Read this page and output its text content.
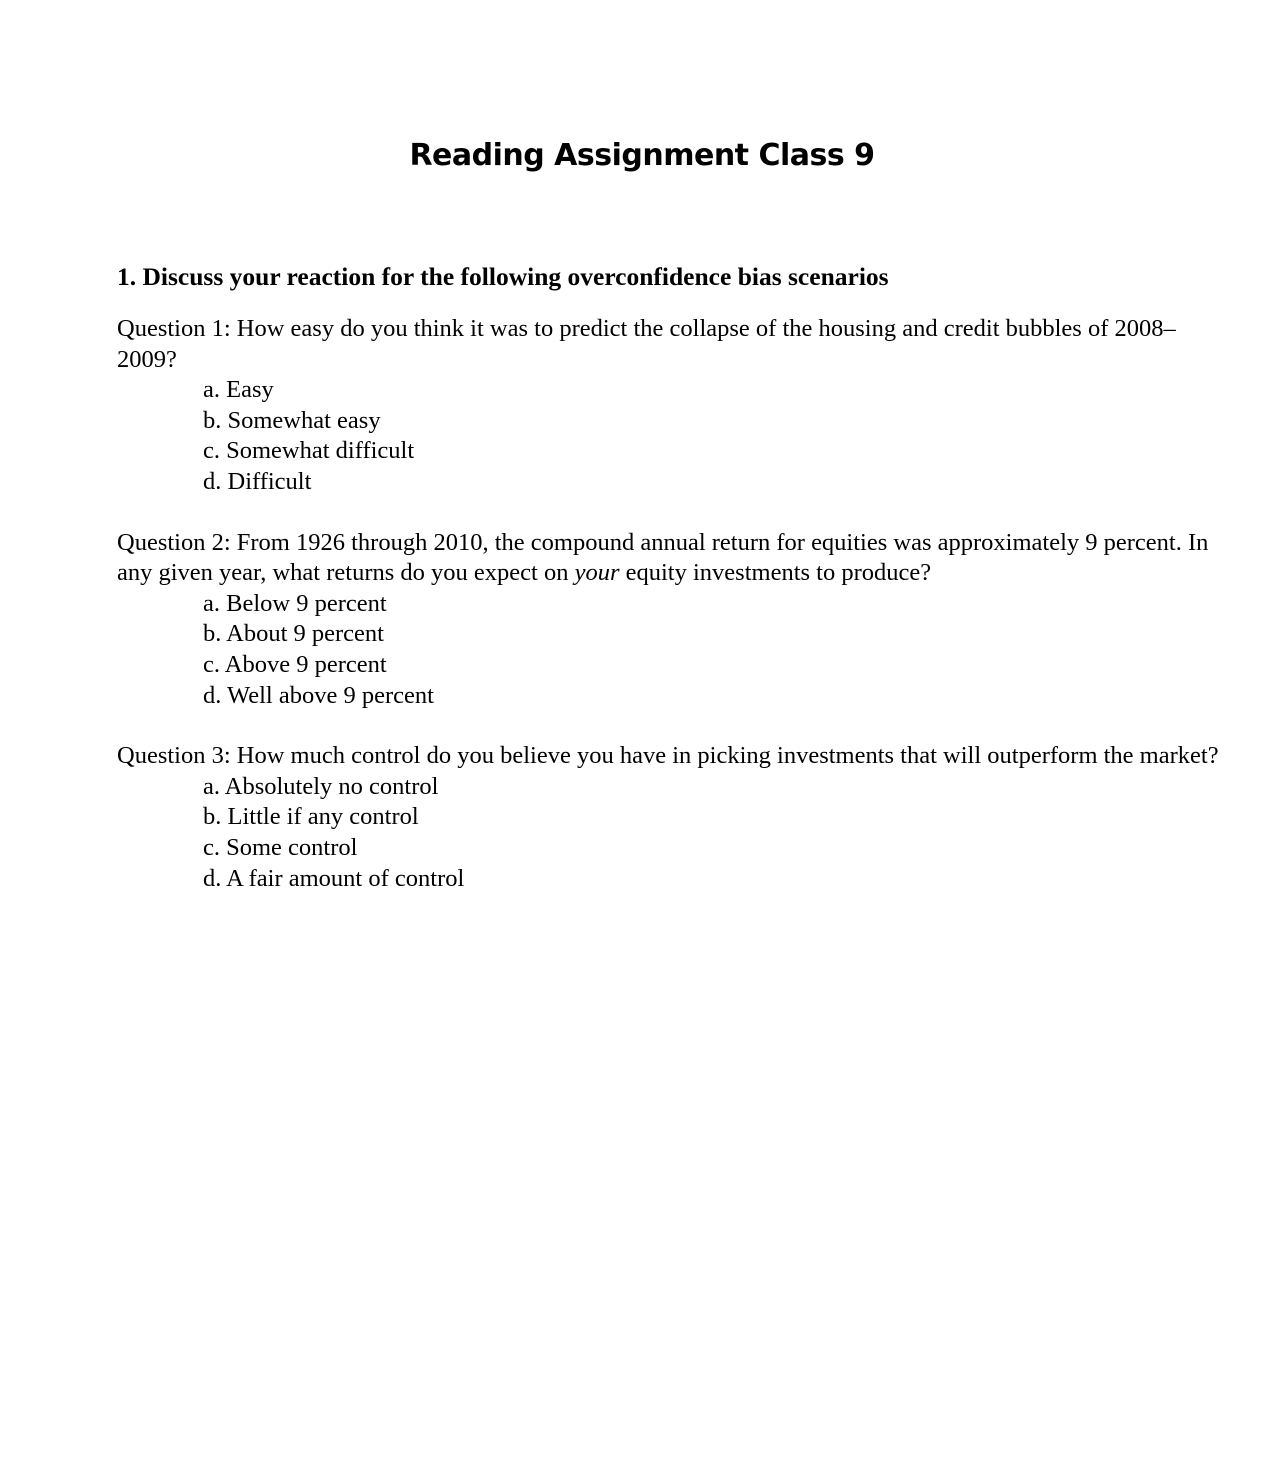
Reading Assignment Class 9

1. Discuss your reaction for the following overconfidence bias scenarios

Question 1: How easy do you think it was to predict the collapse of the housing and credit bubbles of 2008–2009?

a. Easy
b. Somewhat easy
c. Somewhat difficult
d. Difficult

Question 2: From 1926 through 2010, the compound annual return for equities was approximately 9 percent. In any given year, what returns do you expect on your equity investments to produce?

a. Below 9 percent
b. About 9 percent
c. Above 9 percent
d. Well above 9 percent

Question 3: How much control do you believe you have in picking investments that will outperform the market?

a. Absolutely no control
b. Little if any control
c. Some control
d. A fair amount of control
